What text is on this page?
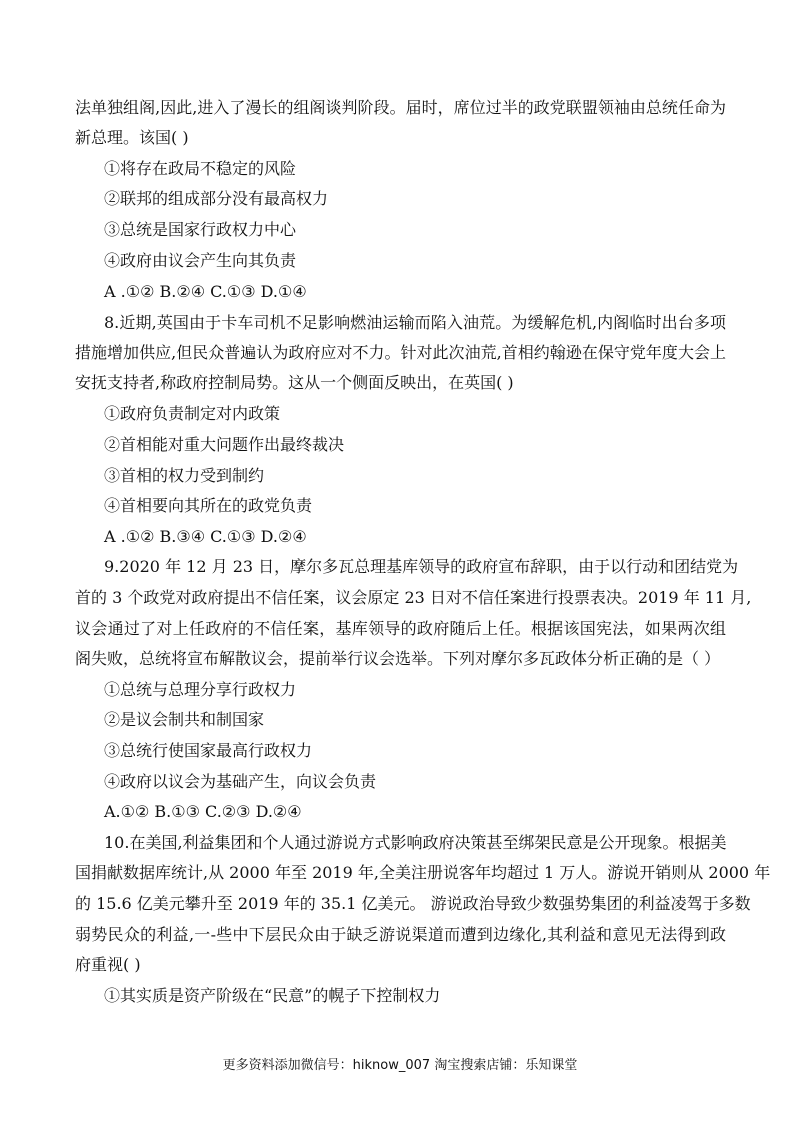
法单独组阁,因此,进入了漫长的组阁谈判阶段。届时，席位过半的政党联盟领袖由总统任命为
新总理。该国( )
①将存在政局不稳定的风险
②联邦的组成部分没有最高权力
③总统是国家行政权力中心
④政府由议会产生向其负责
A .①② B.②④ C.①③ D.①④
8.近期,英国由于卡车司机不足影响燃油运输而陷入油荒。为缓解危机,内阁临时出台多项
措施增加供应,但民众普遍认为政府应对不力。针对此次油荒,首相约翰逊在保守党年度大会上
安抚支持者,称政府控制局势。这从一个侧面反映出，在英国( )
①政府负责制定对内政策
②首相能对重大问题作出最终裁决
③首相的权力受到制约
④首相要向其所在的政党负责
A .①② B.③④ C.①③ D.②④
9.2020 年 12 月 23 日，摩尔多瓦总理基库领导的政府宣布辞职，由于以行动和团结党为
首的 3 个政党对政府提出不信任案，议会原定 23 日对不信任案进行投票表决。2019 年 11 月,
议会通过了对上任政府的不信任案，基库领导的政府随后上任。根据该国宪法，如果两次组
阁失败，总统将宣布解散议会，提前举行议会选举。下列对摩尔多瓦政体分析正确的是（ ）
①总统与总理分享行政权力
②是议会制共和制国家
③总统行使国家最高行政权力
④政府以议会为基础产生，向议会负责
A.①② B.①③ C.②③ D.②④
10.在美国,利益集团和个人通过游说方式影响政府决策甚至绑架民意是公开现象。根据美
国捐献数据库统计,从 2000 年至 2019 年,全美注册说客年均超过 1 万人。游说开销则从 2000 年
的 15.6 亿美元攀升至 2019 年的 35.1 亿美元。 游说政治导致少数强势集团的利益凌驾于多数
弱势民众的利益,一-些中下层民众由于缺乏游说渠道而遭到边缘化,其利益和意见无法得到政
府重视( )
①其实质是资产阶级在“民意”的幌子下控制权力
更多资料添加微信号：hiknow_007 淘宝搜索店铺：乐知课堂
